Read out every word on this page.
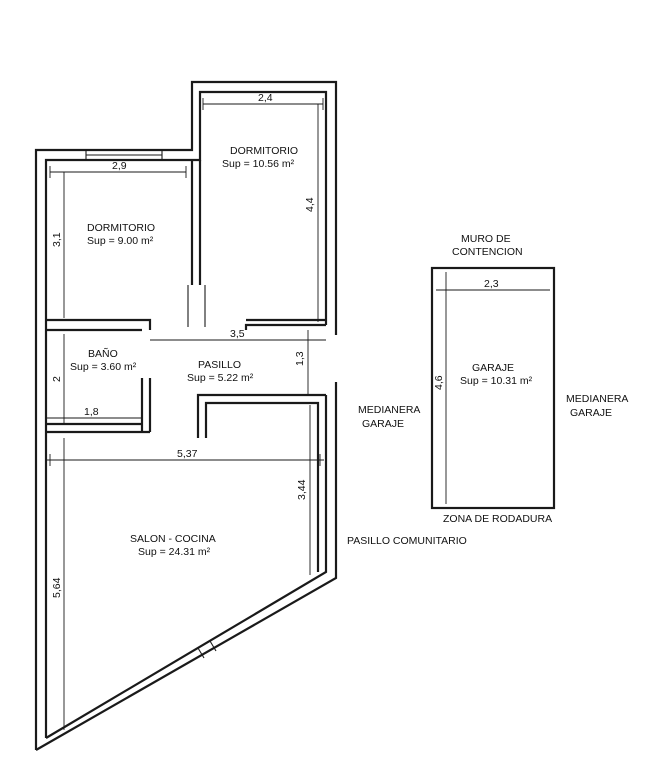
2,4
4,4
2,9
3,1
3,5
1,3
2
1,8
5,37
3,44
5,64
2,3
4,6
DORMITORIO
Sup = 10.56 m²
DORMITORIO
Sup = 9.00 m²
BAÑO
Sup = 3.60 m²	PASILLO
Sup = 5.22 m²
SALON - COCINA
Sup = 24.31 m²
GARAJE
Sup = 10.31 m²
MURO DE
CONTENCION
MEDIANERA
GARAJE
MEDIANERA
GARAJE
ZONA DE RODADURA
PASILLO COMUNITARIO
